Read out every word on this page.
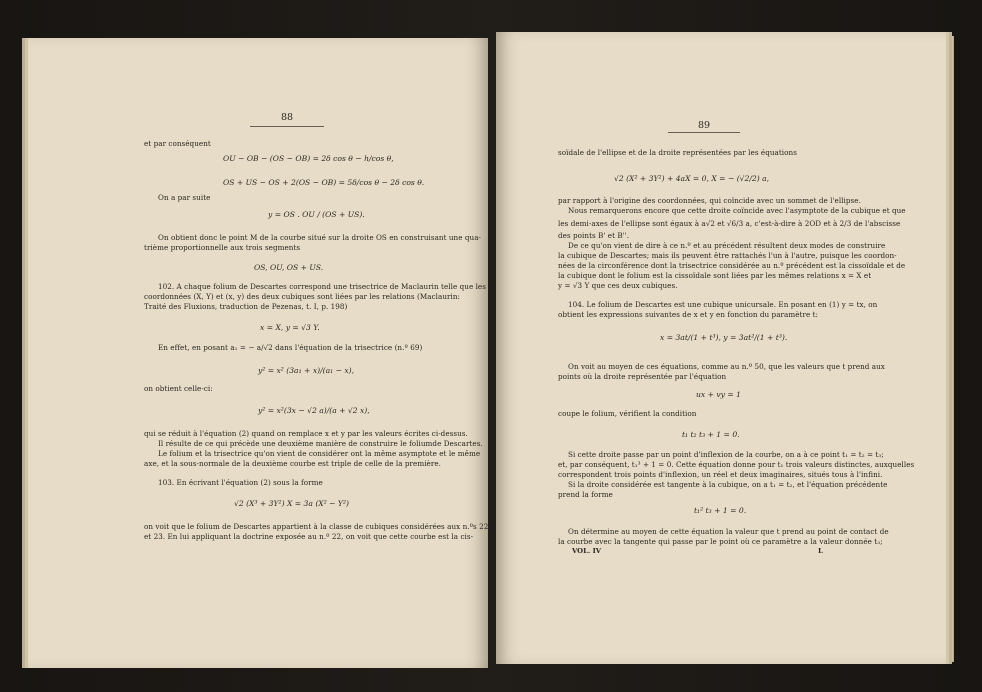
88
et par conséquent
OU − OB − (OS − OB) = 2δ cos θ − h/cos θ,
OS + US − OS + 2(OS − OB) = 5δ/cos θ − 2δ cos θ.
On a par suite
y = OS . OU / (OS + US).
On obtient donc le point M de la courbe situé sur la droite OS en construisant une qua-
trième proportionnelle aux trois segments
OS, OU, OS + US.
102. A chaque folium de Descartes correspond une trisectrice de Maclaurin telle que les
coordonnées (X, Y) et (x, y) des deux cubiques sont liées par les relations (Maclaurin:
Traité des Fluxions, traduction de Pezenas, t. I, p. 198)
x = X, y = √3 Y.
En effet, en posant a₁ = − a/√2 dans l'équation de la trisectrice (n.º 69)
y² = x² (3a₁ + x)/(a₁ − x),
on obtient celle-ci:
y² = x²(3x − √2 a)/(a + √2 x),
qui se réduit à l'équation (2) quand on remplace x et y par les valeurs écrites ci-dessus.
Il résulte de ce qui précède une deuxième manière de construire le foliumde Descartes.
Le folium et la trisectrice qu'on vient de considérer ont la même asymptote et le même
axe, et la sous-normale de la deuxième courbe est triple de celle de la première.
103. En écrivant l'équation (2) sous la forme
√2 (X³ + 3Y²) X = 3a (X² − Y²)
on voit que le folium de Descartes appartient à la classe de cubiques considérées aux n.ºs 22
et 23. En lui appliquant la doctrine exposée au n.º 22, on voit que cette courbe est la cis-
89
soïdale de l'ellipse et de la droite représentées par les équations
√2 (X² + 3Y²) + 4aX = 0, X = − (√2/2) a,
par rapport à l'origine des coordonnées, qui coïncide avec un sommet de l'ellipse.
Nous remarquerons encore que cette droite coïncide avec l'asymptote de la cubique et que
les demi-axes de l'ellipse sont égaux à a√2 et √6/3 a, c'est-à-dire à 2OD et à 2/3 de l'abscisse
des points B' et B''.
De ce qu'on vient de dire à ce n.º et au précédent résultent deux modes de construire
la cubique de Descartes; mais ils peuvent être rattachés l'un à l'autre, puisque les coordon-
nées de la circonférence dont la trisectrice considérée au n.º précédent est la cissoïdale et de
la cubique dont le folium est la cissoïdale sont liées par les mêmes relations x = X et
y = √3 Y que ces deux cubiques.
104. Le folium de Descartes est une cubique unicursale. En posant en (1) y = tx, on
obtient les expressions suivantes de x et y en fonction du paramètre t:
x = 3at/(1 + t³), y = 3at²/(1 + t³).
On voit au moyen de ces équations, comme au n.º 50, que les valeurs que t prend aux
points où la droite représentée par l'équation
ux + vy = 1
coupe le folium, vérifient la condition
t₁ t₂ t₃ + 1 = 0.
Si cette droite passe par un point d'inflexion de la courbe, on a à ce point t₁ = t₂ = t₃;
et, par conséquent, t₁³ + 1 = 0. Cette équation donne pour t₁ trois valeurs distinctes, auxquelles
correspondent trois points d'inflexion, un réel et deux imaginaires, situés tous à l'infini.
Si la droite considérée est tangente à la cubique, on a t₁ = t₂, et l'équation précédente
prend la forme
t₁² t₃ + 1 = 0.
On détermine au moyen de cette équation la valeur que t prend au point de contact de
la courbe avec la tangente qui passe par le point où ce paramètre a la valeur donnée t₃;
VOL. IV	L
